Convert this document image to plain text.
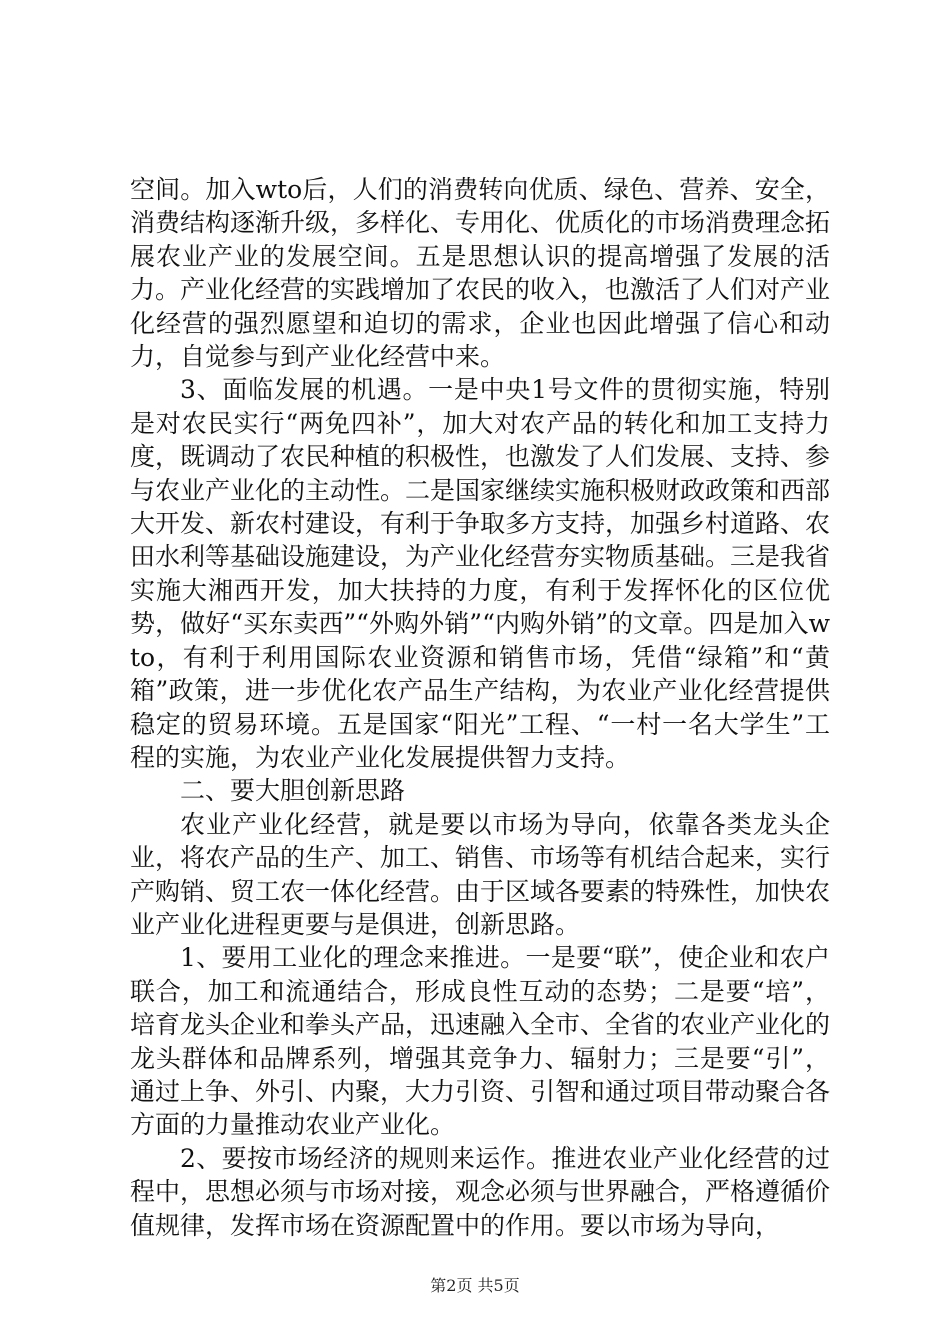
空间。加入wto后，人们的消费转向优质、绿色、营养、安全，消费结构逐渐升级，多样化、专用化、优质化的市场消费理念拓展农业产业的发展空间。五是思想认识的提高增强了发展的活力。产业化经营的实践增加了农民的收入，也激活了人们对产业化经营的强烈愿望和迫切的需求，企业也因此增强了信心和动力，自觉参与到产业化经营中来。

3、面临发展的机遇。一是中央1号文件的贯彻实施，特别是对农民实行“两免四补”，加大对农产品的转化和加工支持力度，既调动了农民种植的积极性，也激发了人们发展、支持、参与农业产业化的主动性。二是国家继续实施积极财政政策和西部大开发、新农村建设，有利于争取多方支持，加强乡村道路、农田水利等基础设施建设，为产业化经营夯实物质基础。三是我省实施大湘西开发，加大扶持的力度，有利于发挥怀化的区位优势，做好“买东卖西”“外购外销”“内购外销”的文章。四是加入wto，有利于利用国际农业资源和销售市场，凭借“绿箱”和“黄箱”政策，进一步优化农产品生产结构，为农业产业化经营提供稳定的贸易环境。五是国家“阳光”工程、“一村一名大学生”工程的实施，为农业产业化发展提供智力支持。

二、要大胆创新思路

农业产业化经营，就是要以市场为导向，依靠各类龙头企业，将农产品的生产、加工、销售、市场等有机结合起来，实行产购销、贸工农一体化经营。由于区域各要素的特殊性，加快农业产业化进程更要与是俱进，创新思路。

1、要用工业化的理念来推进。一是要“联”，使企业和农户联合，加工和流通结合，形成良性互动的态势；二是要“培”，培育龙头企业和拳头产品，迅速融入全市、全省的农业产业化的龙头群体和品牌系列，增强其竞争力、辐射力；三是要“引”，通过上争、外引、内聚，大力引资、引智和通过项目带动聚合各方面的力量推动农业产业化。

2、要按市场经济的规则来运作。推进农业产业化经营的过程中，思想必须与市场对接，观念必须与世界融合，严格遵循价值规律，发挥市场在资源配置中的作用。要以市场为导向，

第2页 共5页
